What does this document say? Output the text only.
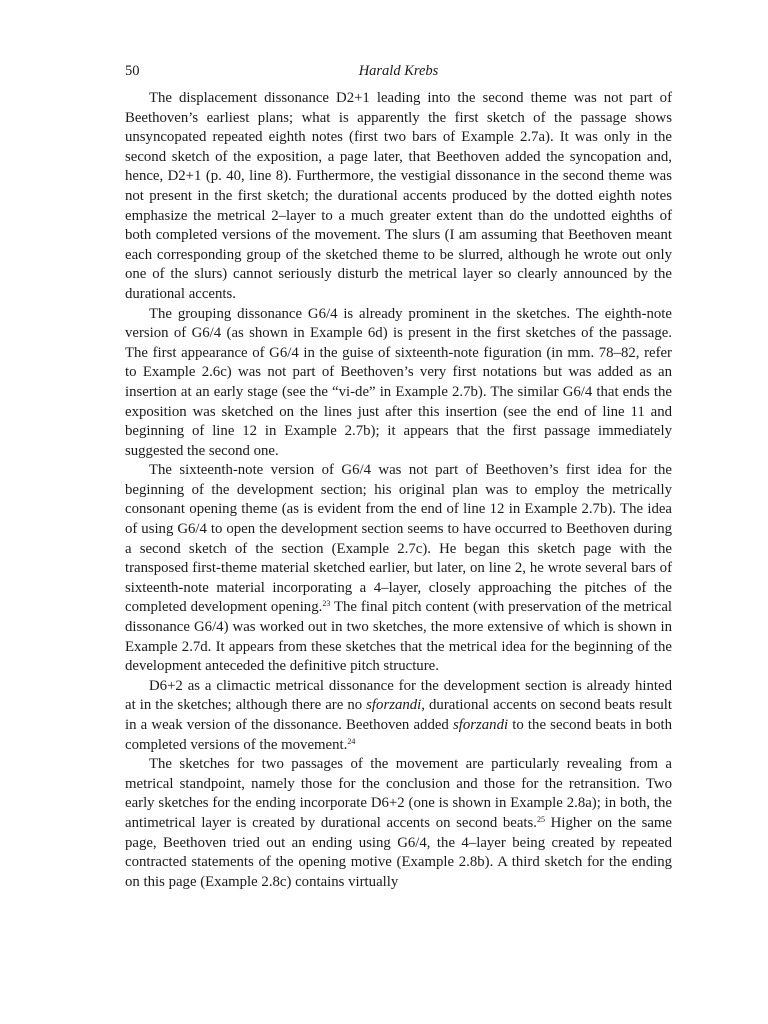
50	Harald Krebs

The displacement dissonance D2+1 leading into the second theme was not part of Beethoven’s earliest plans; what is apparently the first sketch of the passage shows unsyncopated repeated eighth notes (first two bars of Example 2.7a). It was only in the second sketch of the exposition, a page later, that Beethoven added the syncopation and, hence, D2+1 (p. 40, line 8). Furthermore, the vestigial dissonance in the second theme was not present in the first sketch; the durational accents produced by the dotted eighth notes emphasize the metrical 2–layer to a much greater extent than do the undotted eighths of both completed versions of the movement. The slurs (I am assuming that Beethoven meant each corresponding group of the sketched theme to be slurred, although he wrote out only one of the slurs) cannot seriously disturb the metrical layer so clearly announced by the durational accents.

The grouping dissonance G6/4 is already prominent in the sketches. The eighth-note version of G6/4 (as shown in Example 6d) is present in the first sketches of the passage. The first appearance of G6/4 in the guise of sixteenth-note figuration (in mm. 78–82, refer to Example 2.6c) was not part of Beethoven’s very first notations but was added as an insertion at an early stage (see the “vi-de” in Example 2.7b). The similar G6/4 that ends the exposition was sketched on the lines just after this insertion (see the end of line 11 and beginning of line 12 in Example 2.7b); it appears that the first passage immediately suggested the second one.

The sixteenth-note version of G6/4 was not part of Beethoven’s first idea for the beginning of the development section; his original plan was to employ the metrically consonant opening theme (as is evident from the end of line 12 in Example 2.7b). The idea of using G6/4 to open the development section seems to have occurred to Beethoven during a second sketch of the section (Example 2.7c). He began this sketch page with the transposed first-theme material sketched earlier, but later, on line 2, he wrote several bars of sixteenth-note material incorporating a 4–layer, closely approaching the pitches of the completed development opening.$^{23}$ The final pitch content (with preservation of the metrical dissonance G6/4) was worked out in two sketches, the more extensive of which is shown in Example 2.7d. It appears from these sketches that the metrical idea for the beginning of the development anteceded the definitive pitch structure.

D6+2 as a climactic metrical dissonance for the development section is already hinted at in the sketches; although there are no sforzandi, durational accents on second beats result in a weak version of the dissonance. Beethoven added sforzandi to the second beats in both completed versions of the movement.$^{24}$

The sketches for two passages of the movement are particularly revealing from a metrical standpoint, namely those for the conclusion and those for the retransition. Two early sketches for the ending incorporate D6+2 (one is shown in Example 2.8a); in both, the antimetrical layer is created by durational accents on second beats.$^{25}$ Higher on the same page, Beethoven tried out an ending using G6/4, the 4–layer being created by repeated contracted statements of the opening motive (Example 2.8b). A third sketch for the ending on this page (Example 2.8c) contains virtually
